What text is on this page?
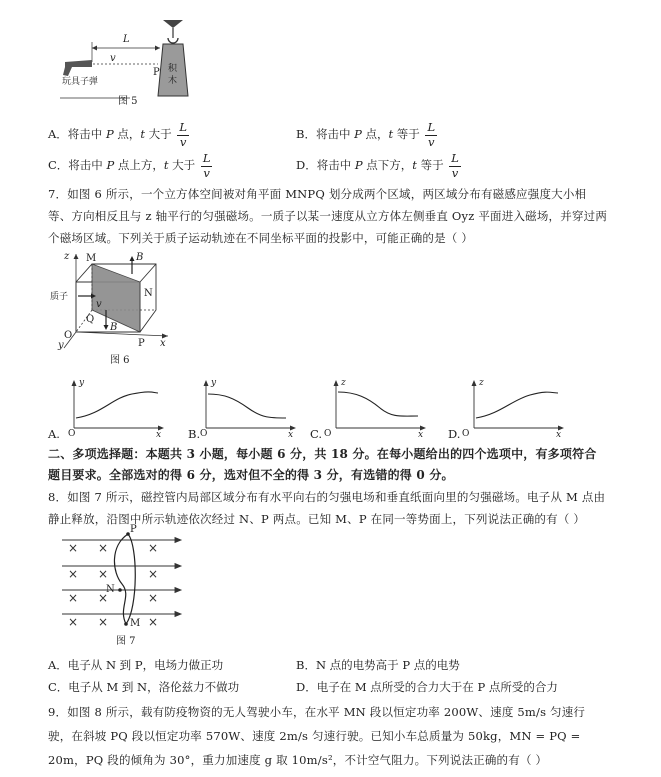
L
v
P
玩具子弹
积
木
图 5
A．将击中 P 点，t 大于 $\frac{L}{v}$	B．将击中 P 点，t 等于 $\frac{L}{v}$
C．将击中 P 点上方，t 大于 $\frac{L}{v}$	D．将击中 P 点下方，t 等于 $\frac{L}{v}$
7．如图 6 所示，一个立方体空间被对角平面 MNPQ 划分成两个区域，两区域分布有磁感应强度大小相等、方向相反且与 z 轴平行的匀强磁场。一质子以某一速度从立方体左侧垂直 Oyz 平面进入磁场，并穿过两个磁场区域。下列关于质子运动轨迹在不同坐标平面的投影中，可能正确的是（ ）
z M	B
N
质子
v
Q
B
O
y	P x
图 6
A.
y
x
O	B.
y
x
O	C.
z
x
O	D.
z
x
O
二、多项选择题：本题共 3 小题，每小题 6 分，共 18 分。在每小题给出的四个选项中，有多项符合题目要求。全部选对的得 6 分，选对但不全的得 3 分，有选错的得 0 分。
8．如图 7 所示，磁控管内局部区域分布有水平向右的匀强电场和垂直纸面向里的匀强磁场。电子从 M 点由静止释放，沿图中所示轨迹依次经过 N、P 两点。已知 M、P 在同一等势面上，下列说法正确的有（ ）
× ×	×
× ×	×
× ×	×
× ×	×
P
N
M
图 7
A．电子从 N 到 P，电场力做正功	B．N 点的电势高于 P 点的电势
C．电子从 M 到 N，洛伦兹力不做功	D．电子在 M 点所受的合力大于在 P 点所受的合力
9．如图 8 所示，载有防疫物资的无人驾驶小车，在水平 MN 段以恒定功率 200W、速度 5m/s 匀速行驶，在斜坡 PQ 段以恒定功率 570W、速度 2m/s 匀速行驶。已知小车总质量为 50kg，MN = PQ = 20m，PQ 段的倾角为 30°，重力加速度 g 取 10m/s²，不计空气阻力。下列说法正确的有（ ）
